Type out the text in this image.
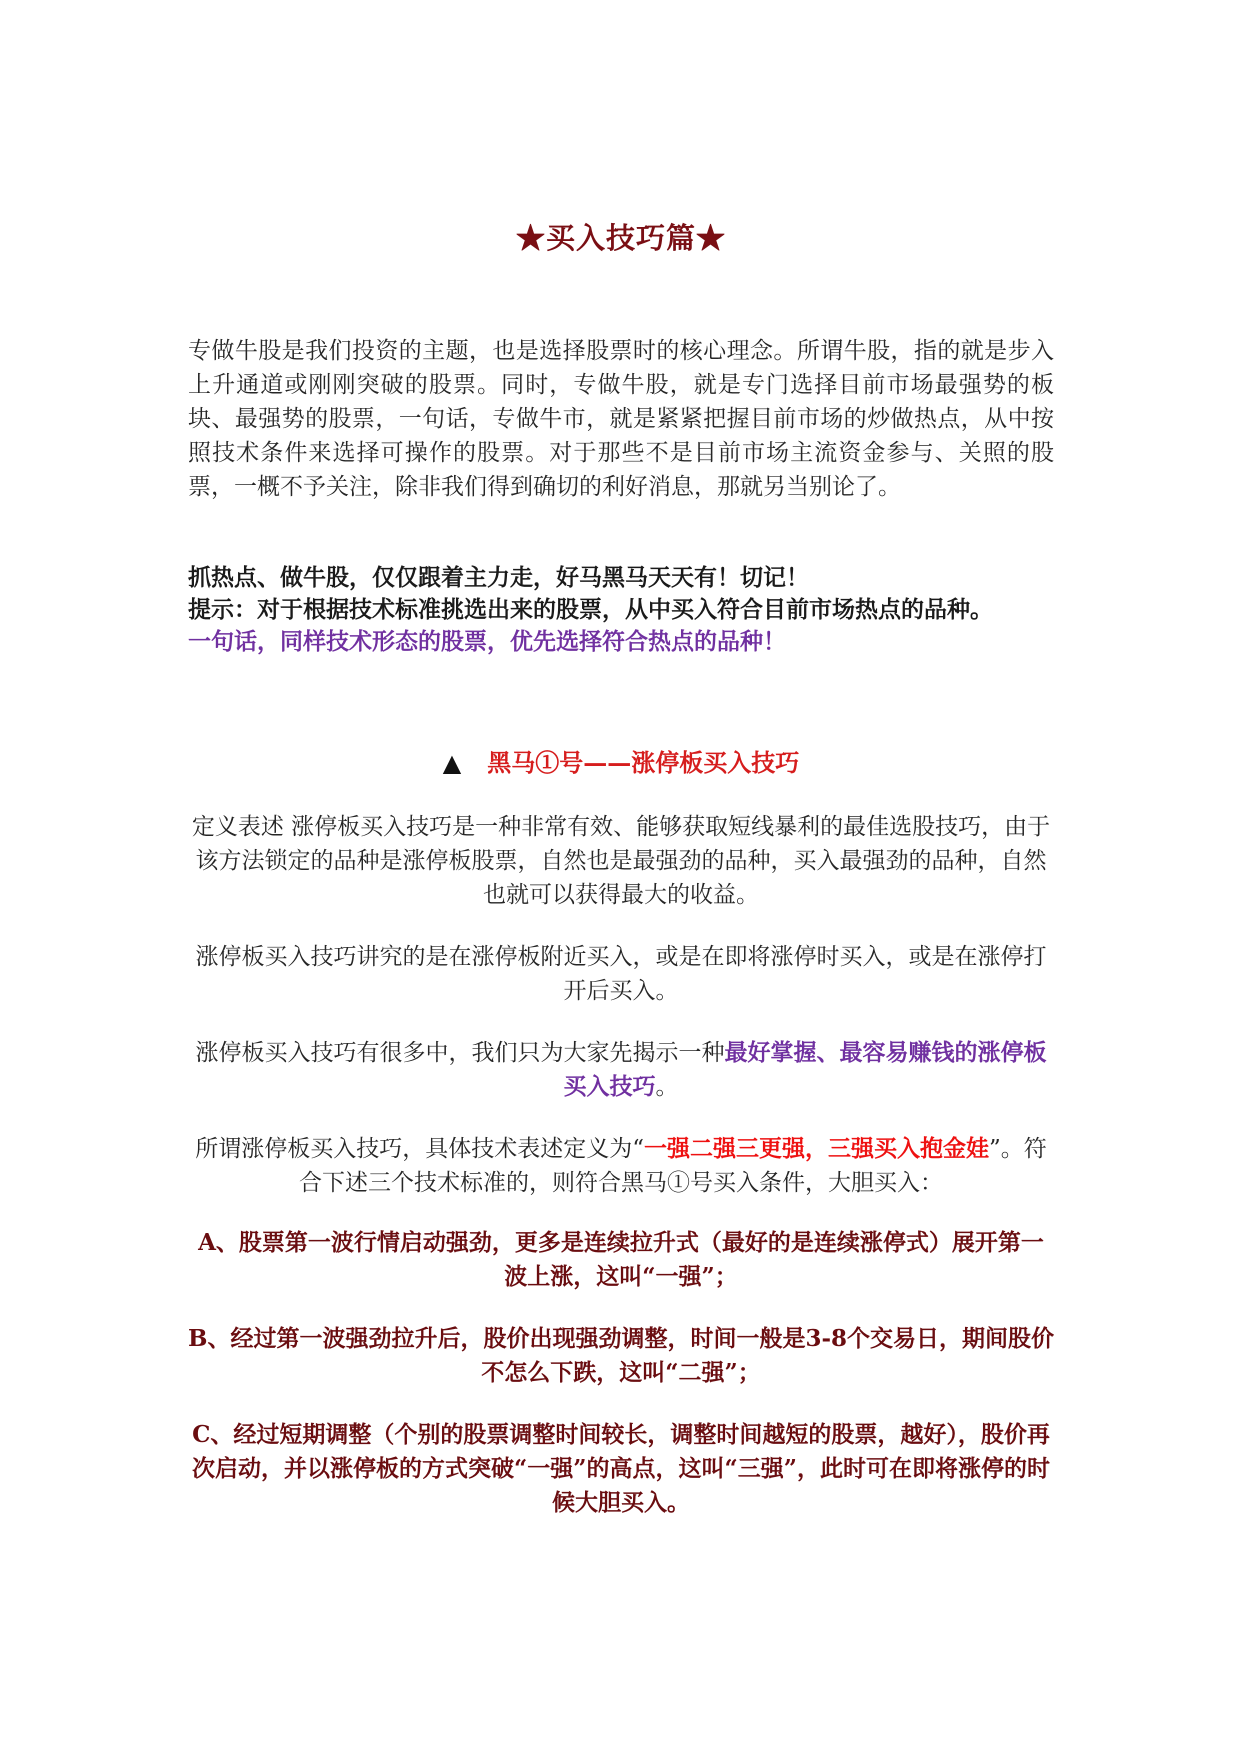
★买入技巧篇★
专做牛股是我们投资的主题，也是选择股票时的核心理念。所谓牛股，指的就是步入上升通道或刚刚突破的股票。同时，专做牛股，就是专门选择目前市场最强势的板块、最强势的股票，一句话，专做牛市，就是紧紧把握目前市场的炒做热点，从中按照技术条件来选择可操作的股票。对于那些不是目前市场主流资金参与、关照的股票，一概不予关注，除非我们得到确切的利好消息，那就另当别论了。
抓热点、做牛股，仅仅跟着主力走，好马黑马天天有！切记！
提示：对于根据技术标准挑选出来的股票，从中买入符合目前市场热点的品种。
一句话，同样技术形态的股票，优先选择符合热点的品种！
▲ 黑马①号——涨停板买入技巧
定义表述 涨停板买入技巧是一种非常有效、能够获取短线暴利的最佳选股技巧，由于该方法锁定的品种是涨停板股票，自然也是最强劲的品种，买入最强劲的品种，自然也就可以获得最大的收益。
涨停板买入技巧讲究的是在涨停板附近买入，或是在即将涨停时买入，或是在涨停打开后买入。
涨停板买入技巧有很多中，我们只为大家先揭示一种最好掌握、最容易赚钱的涨停板买入技巧。
所谓涨停板买入技巧，具体技术表述定义为“一强二强三更强，三强买入抱金娃”。符合下述三个技术标准的，则符合黑马①号买入条件，大胆买入：
A、股票第一波行情启动强劲，更多是连续拉升式（最好的是连续涨停式）展开第一波上涨，这叫“一强”；
B、经过第一波强劲拉升后，股价出现强劲调整，时间一般是3-8个交易日，期间股价不怎么下跌，这叫“二强”；
C、经过短期调整（个别的股票调整时间较长，调整时间越短的股票，越好），股价再次启动，并以涨停板的方式突破“一强”的高点，这叫“三强”，此时可在即将涨停的时候大胆买入。
